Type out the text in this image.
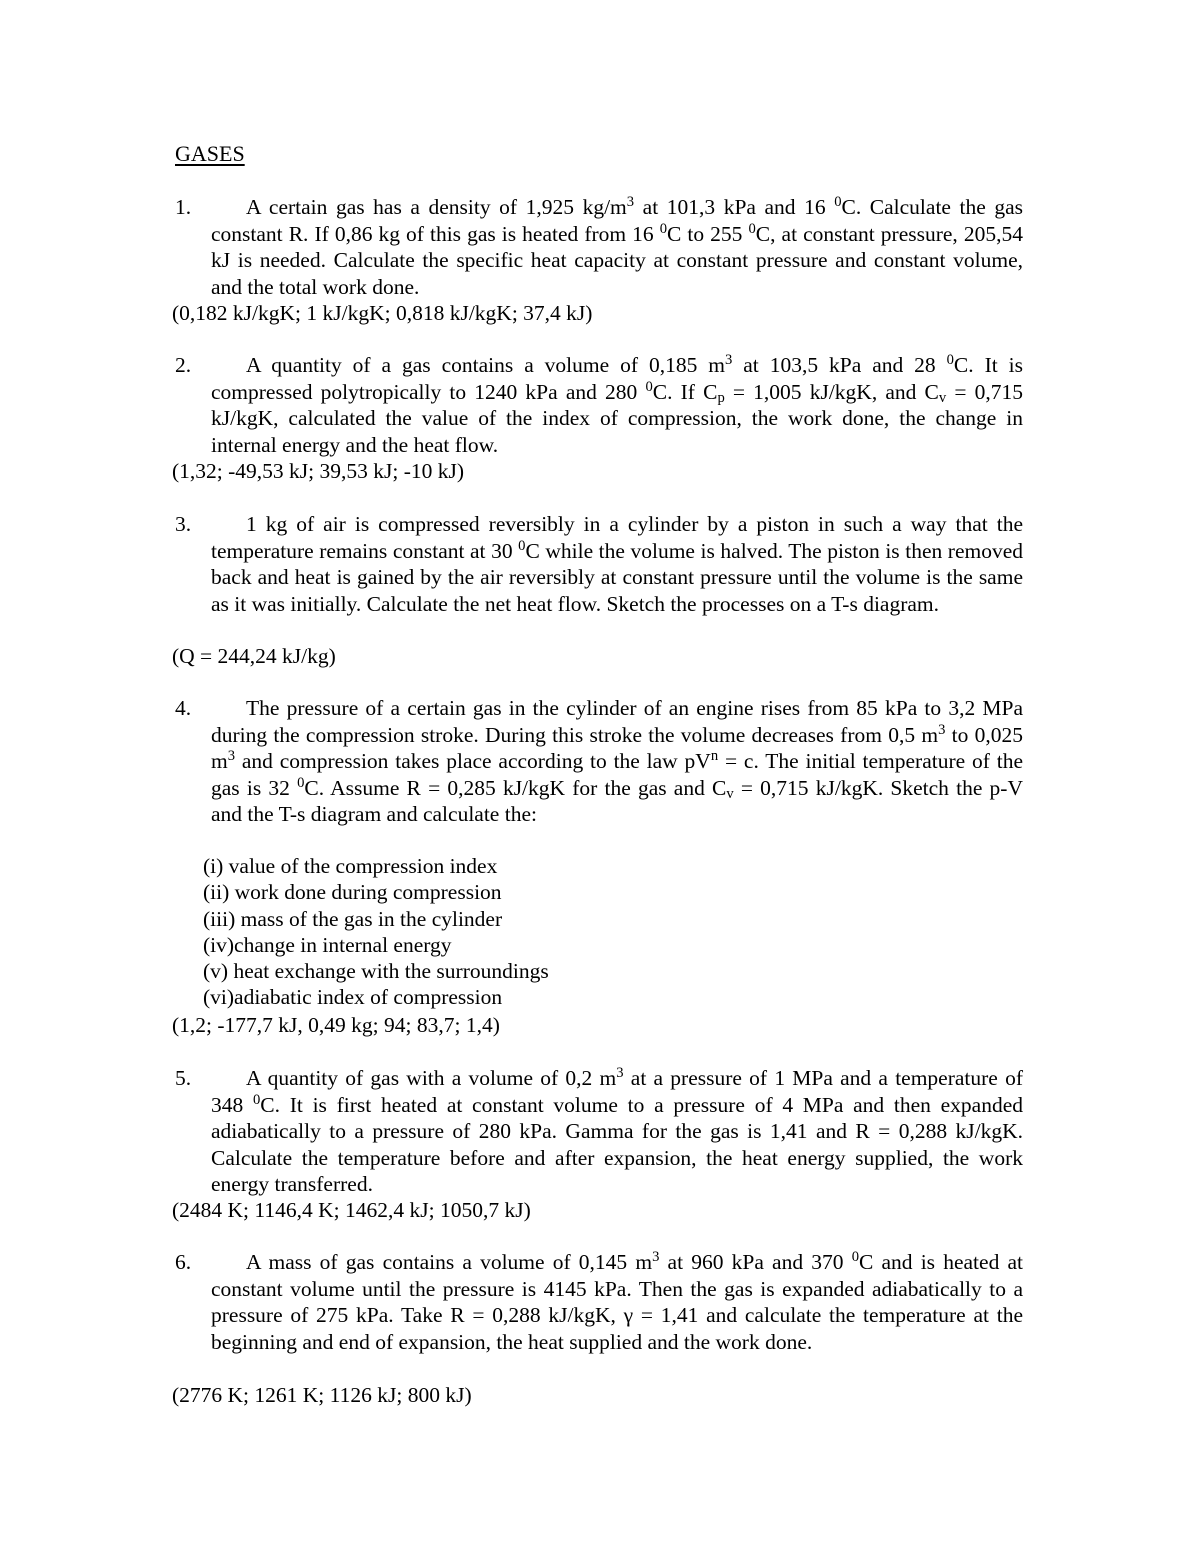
GASES
1.	A certain gas has a density of 1,925 $kg/m^3$ at 101,3 kPa and 16 $^0$C. Calculate the gas constant R. If 0,86 kg of this gas is heated from 16 $^0$C to 255 $^0$C, at constant pressure, 205,54 kJ is needed. Calculate the specific heat capacity at constant pressure and constant volume, and the total work done.
(0,182 kJ/kgK; 1 kJ/kgK; 0,818 kJ/kgK; 37,4 kJ)
2.	A quantity of a gas contains a volume of 0,185 $m^3$ at 103,5 kPa and 28 $^0$C. It is compressed polytropically to 1240 kPa and 280 $^0$C. If $C_p = 1,005$ kJ/kgK, and $C_v = 0,715$ kJ/kgK, calculated the value of the index of compression, the work done, the change in internal energy and the heat flow.
(1,32; -49,53 kJ; 39,53 kJ; -10 kJ)
3.	1 kg of air is compressed reversibly in a cylinder by a piston in such a way that the temperature remains constant at 30 $^0$C while the volume is halved. The piston is then removed back and heat is gained by the air reversibly at constant pressure until the volume is the same as it was initially. Calculate the net heat flow. Sketch the processes on a T-s diagram.
(Q = 244,24 kJ/kg)
4.	The pressure of a certain gas in the cylinder of an engine rises from 85 kPa to 3,2 MPa during the compression stroke. During this stroke the volume decreases from 0,5 $m^3$ to 0,025 $m^3$ and compression takes place according to the law $pV^n = c$. The initial temperature of the gas is 32 $^0$C. Assume R = 0,285 kJ/kgK for the gas and $C_v = 0,715$ kJ/kgK. Sketch the p-V and the T-s diagram and calculate the:
(i) value of the compression index
(ii) work done during compression
(iii) mass of the gas in the cylinder
(iv)change in internal energy
(v) heat exchange with the surroundings
(vi)adiabatic index of compression
(1,2; -177,7 kJ, 0,49 kg; 94; 83,7; 1,4)
5.	A quantity of gas with a volume of 0,2 $m^3$ at a pressure of 1 MPa and a temperature of 348 $^0$C. It is first heated at constant volume to a pressure of 4 MPa and then expanded adiabatically to a pressure of 280 kPa. Gamma for the gas is 1,41 and R = 0,288 kJ/kgK. Calculate the temperature before and after expansion, the heat energy supplied, the work energy transferred.
(2484 K; 1146,4 K; 1462,4 kJ; 1050,7 kJ)
6.	A mass of gas contains a volume of 0,145 $m^3$ at 960 kPa and 370 $^0$C and is heated at constant volume until the pressure is 4145 kPa. Then the gas is expanded adiabatically to a pressure of 275 kPa. Take R = 0,288 kJ/kgK, γ = 1,41 and calculate the temperature at the beginning and end of expansion, the heat supplied and the work done.
(2776 K; 1261 K; 1126 kJ; 800 kJ)
